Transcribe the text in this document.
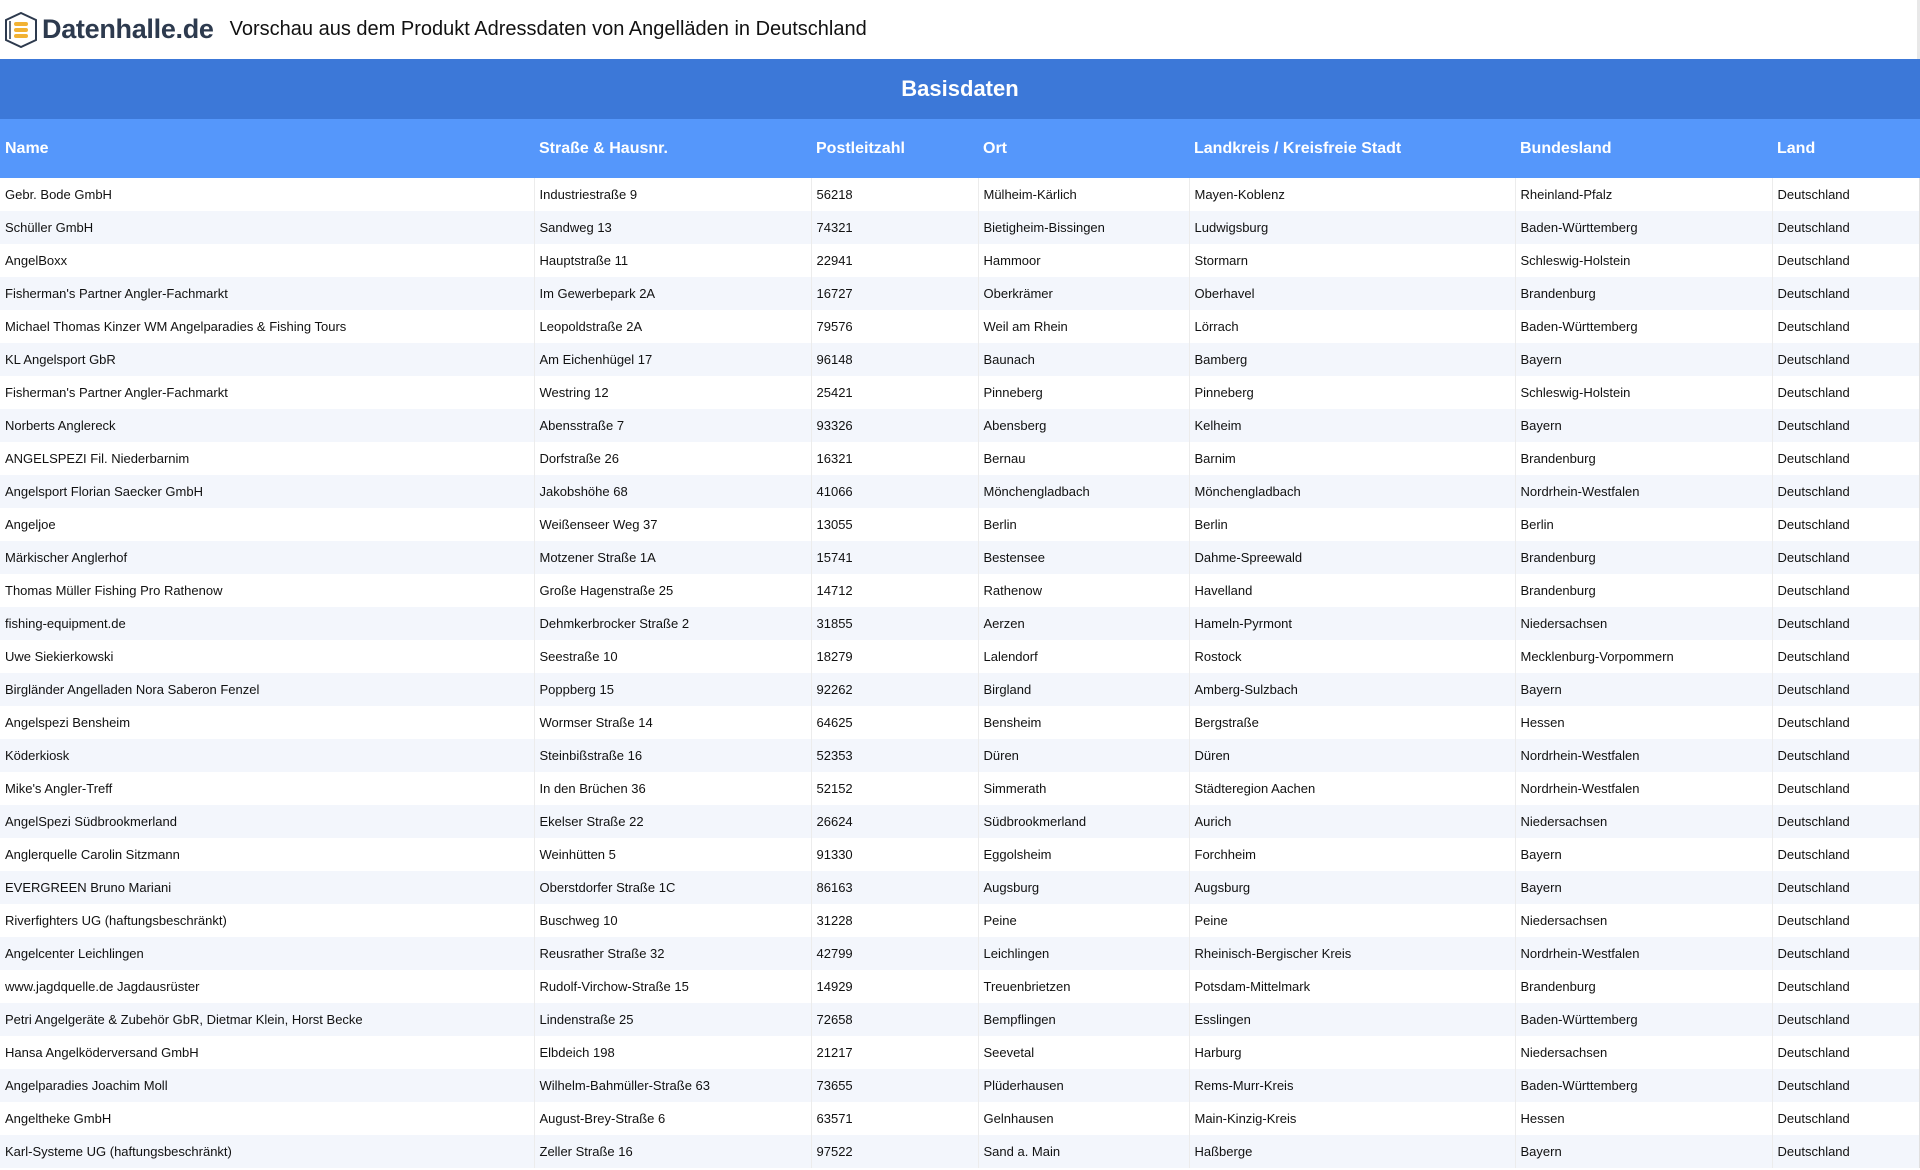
Datenhalle.de Vorschau aus dem Produkt Adressdaten von Angelläden in Deutschland
Basisdaten
Name	Straße & Hausnr.	Postleitzahl	Ort	Landkreis / Kreisfreie Stadt	Bundesland	Land
Gebr. Bode GmbH	Industriestraße 9	56218	Mülheim-Kärlich	Mayen-Koblenz	Rheinland-Pfalz	Deutschland
Schüller GmbH	Sandweg 13	74321	Bietigheim-Bissingen	Ludwigsburg	Baden-Württemberg	Deutschland
AngelBoxx	Hauptstraße 11	22941	Hammoor	Stormarn	Schleswig-Holstein	Deutschland
Fisherman's Partner Angler-Fachmarkt	Im Gewerbepark 2A	16727	Oberkrämer	Oberhavel	Brandenburg	Deutschland
Michael Thomas Kinzer WM Angelparadies & Fishing Tours	Leopoldstraße 2A	79576	Weil am Rhein	Lörrach	Baden-Württemberg	Deutschland
KL Angelsport GbR	Am Eichenhügel 17	96148	Baunach	Bamberg	Bayern	Deutschland
Fisherman's Partner Angler-Fachmarkt	Westring 12	25421	Pinneberg	Pinneberg	Schleswig-Holstein	Deutschland
Norberts Anglereck	Abensstraße 7	93326	Abensberg	Kelheim	Bayern	Deutschland
ANGELSPEZI Fil. Niederbarnim	Dorfstraße 26	16321	Bernau	Barnim	Brandenburg	Deutschland
Angelsport Florian Saecker GmbH	Jakobshöhe 68	41066	Mönchengladbach	Mönchengladbach	Nordrhein-Westfalen	Deutschland
Angeljoe	Weißenseer Weg 37	13055	Berlin	Berlin	Berlin	Deutschland
Märkischer Anglerhof	Motzener Straße 1A	15741	Bestensee	Dahme-Spreewald	Brandenburg	Deutschland
Thomas Müller Fishing Pro Rathenow	Große Hagenstraße 25	14712	Rathenow	Havelland	Brandenburg	Deutschland
fishing-equipment.de	Dehmkerbrocker Straße 2	31855	Aerzen	Hameln-Pyrmont	Niedersachsen	Deutschland
Uwe Siekierkowski	Seestraße 10	18279	Lalendorf	Rostock	Mecklenburg-Vorpommern	Deutschland
Birgländer Angelladen Nora Saberon Fenzel	Poppberg 15	92262	Birgland	Amberg-Sulzbach	Bayern	Deutschland
Angelspezi Bensheim	Wormser Straße 14	64625	Bensheim	Bergstraße	Hessen	Deutschland
Köderkiosk	Steinbißstraße 16	52353	Düren	Düren	Nordrhein-Westfalen	Deutschland
Mike's Angler-Treff	In den Brüchen 36	52152	Simmerath	Städteregion Aachen	Nordrhein-Westfalen	Deutschland
AngelSpezi Südbrookmerland	Ekelser Straße 22	26624	Südbrookmerland	Aurich	Niedersachsen	Deutschland
Anglerquelle Carolin Sitzmann	Weinhütten 5	91330	Eggolsheim	Forchheim	Bayern	Deutschland
EVERGREEN Bruno Mariani	Oberstdorfer Straße 1C	86163	Augsburg	Augsburg	Bayern	Deutschland
Riverfighters UG (haftungsbeschränkt)	Buschweg 10	31228	Peine	Peine	Niedersachsen	Deutschland
Angelcenter Leichlingen	Reusrather Straße 32	42799	Leichlingen	Rheinisch-Bergischer Kreis	Nordrhein-Westfalen	Deutschland
www.jagdquelle.de Jagdausrüster	Rudolf-Virchow-Straße 15	14929	Treuenbrietzen	Potsdam-Mittelmark	Brandenburg	Deutschland
Petri Angelgeräte & Zubehör GbR, Dietmar Klein, Horst Becke	Lindenstraße 25	72658	Bempflingen	Esslingen	Baden-Württemberg	Deutschland
Hansa Angelköderversand GmbH	Elbdeich 198	21217	Seevetal	Harburg	Niedersachsen	Deutschland
Angelparadies Joachim Moll	Wilhelm-Bahmüller-Straße 63	73655	Plüderhausen	Rems-Murr-Kreis	Baden-Württemberg	Deutschland
Angeltheke GmbH	August-Brey-Straße 6	63571	Gelnhausen	Main-Kinzig-Kreis	Hessen	Deutschland
Karl-Systeme UG (haftungsbeschränkt)	Zeller Straße 16	97522	Sand a. Main	Haßberge	Bayern	Deutschland
